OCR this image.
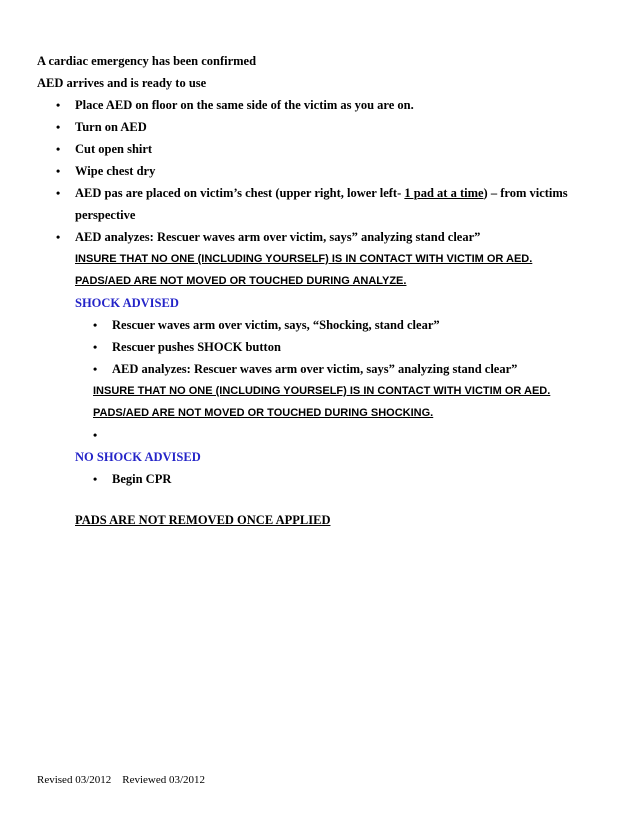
A cardiac emergency has been confirmed
AED arrives and is ready to use
• Place AED on floor on the same side of the victim as you are on.
• Turn on AED
• Cut open shirt
• Wipe chest dry
• AED pas are placed on victim’s chest (upper right, lower left- 1 pad at a time) – from victims
perspective
• AED analyzes: Rescuer waves arm over victim, says” analyzing stand clear”
INSURE THAT NO ONE (INCLUDING YOURSELF) IS IN CONTACT WITH VICTIM OR AED.
PADS/AED ARE NOT MOVED OR TOUCHED DURING ANALYZE.
SHOCK ADVISED
• Rescuer waves arm over victim, says, “Shocking, stand clear”
• Rescuer pushes SHOCK button
• AED analyzes: Rescuer waves arm over victim, says” analyzing stand clear”
INSURE THAT NO ONE (INCLUDING YOURSELF) IS IN CONTACT WITH VICTIM OR AED.
PADS/AED ARE NOT MOVED OR TOUCHED DURING SHOCKING.
•

NO SHOCK ADVISED
• Begin CPR
PADS ARE NOT REMOVED ONCE APPLIED
Revised 03/2012 Reviewed 03/2012
